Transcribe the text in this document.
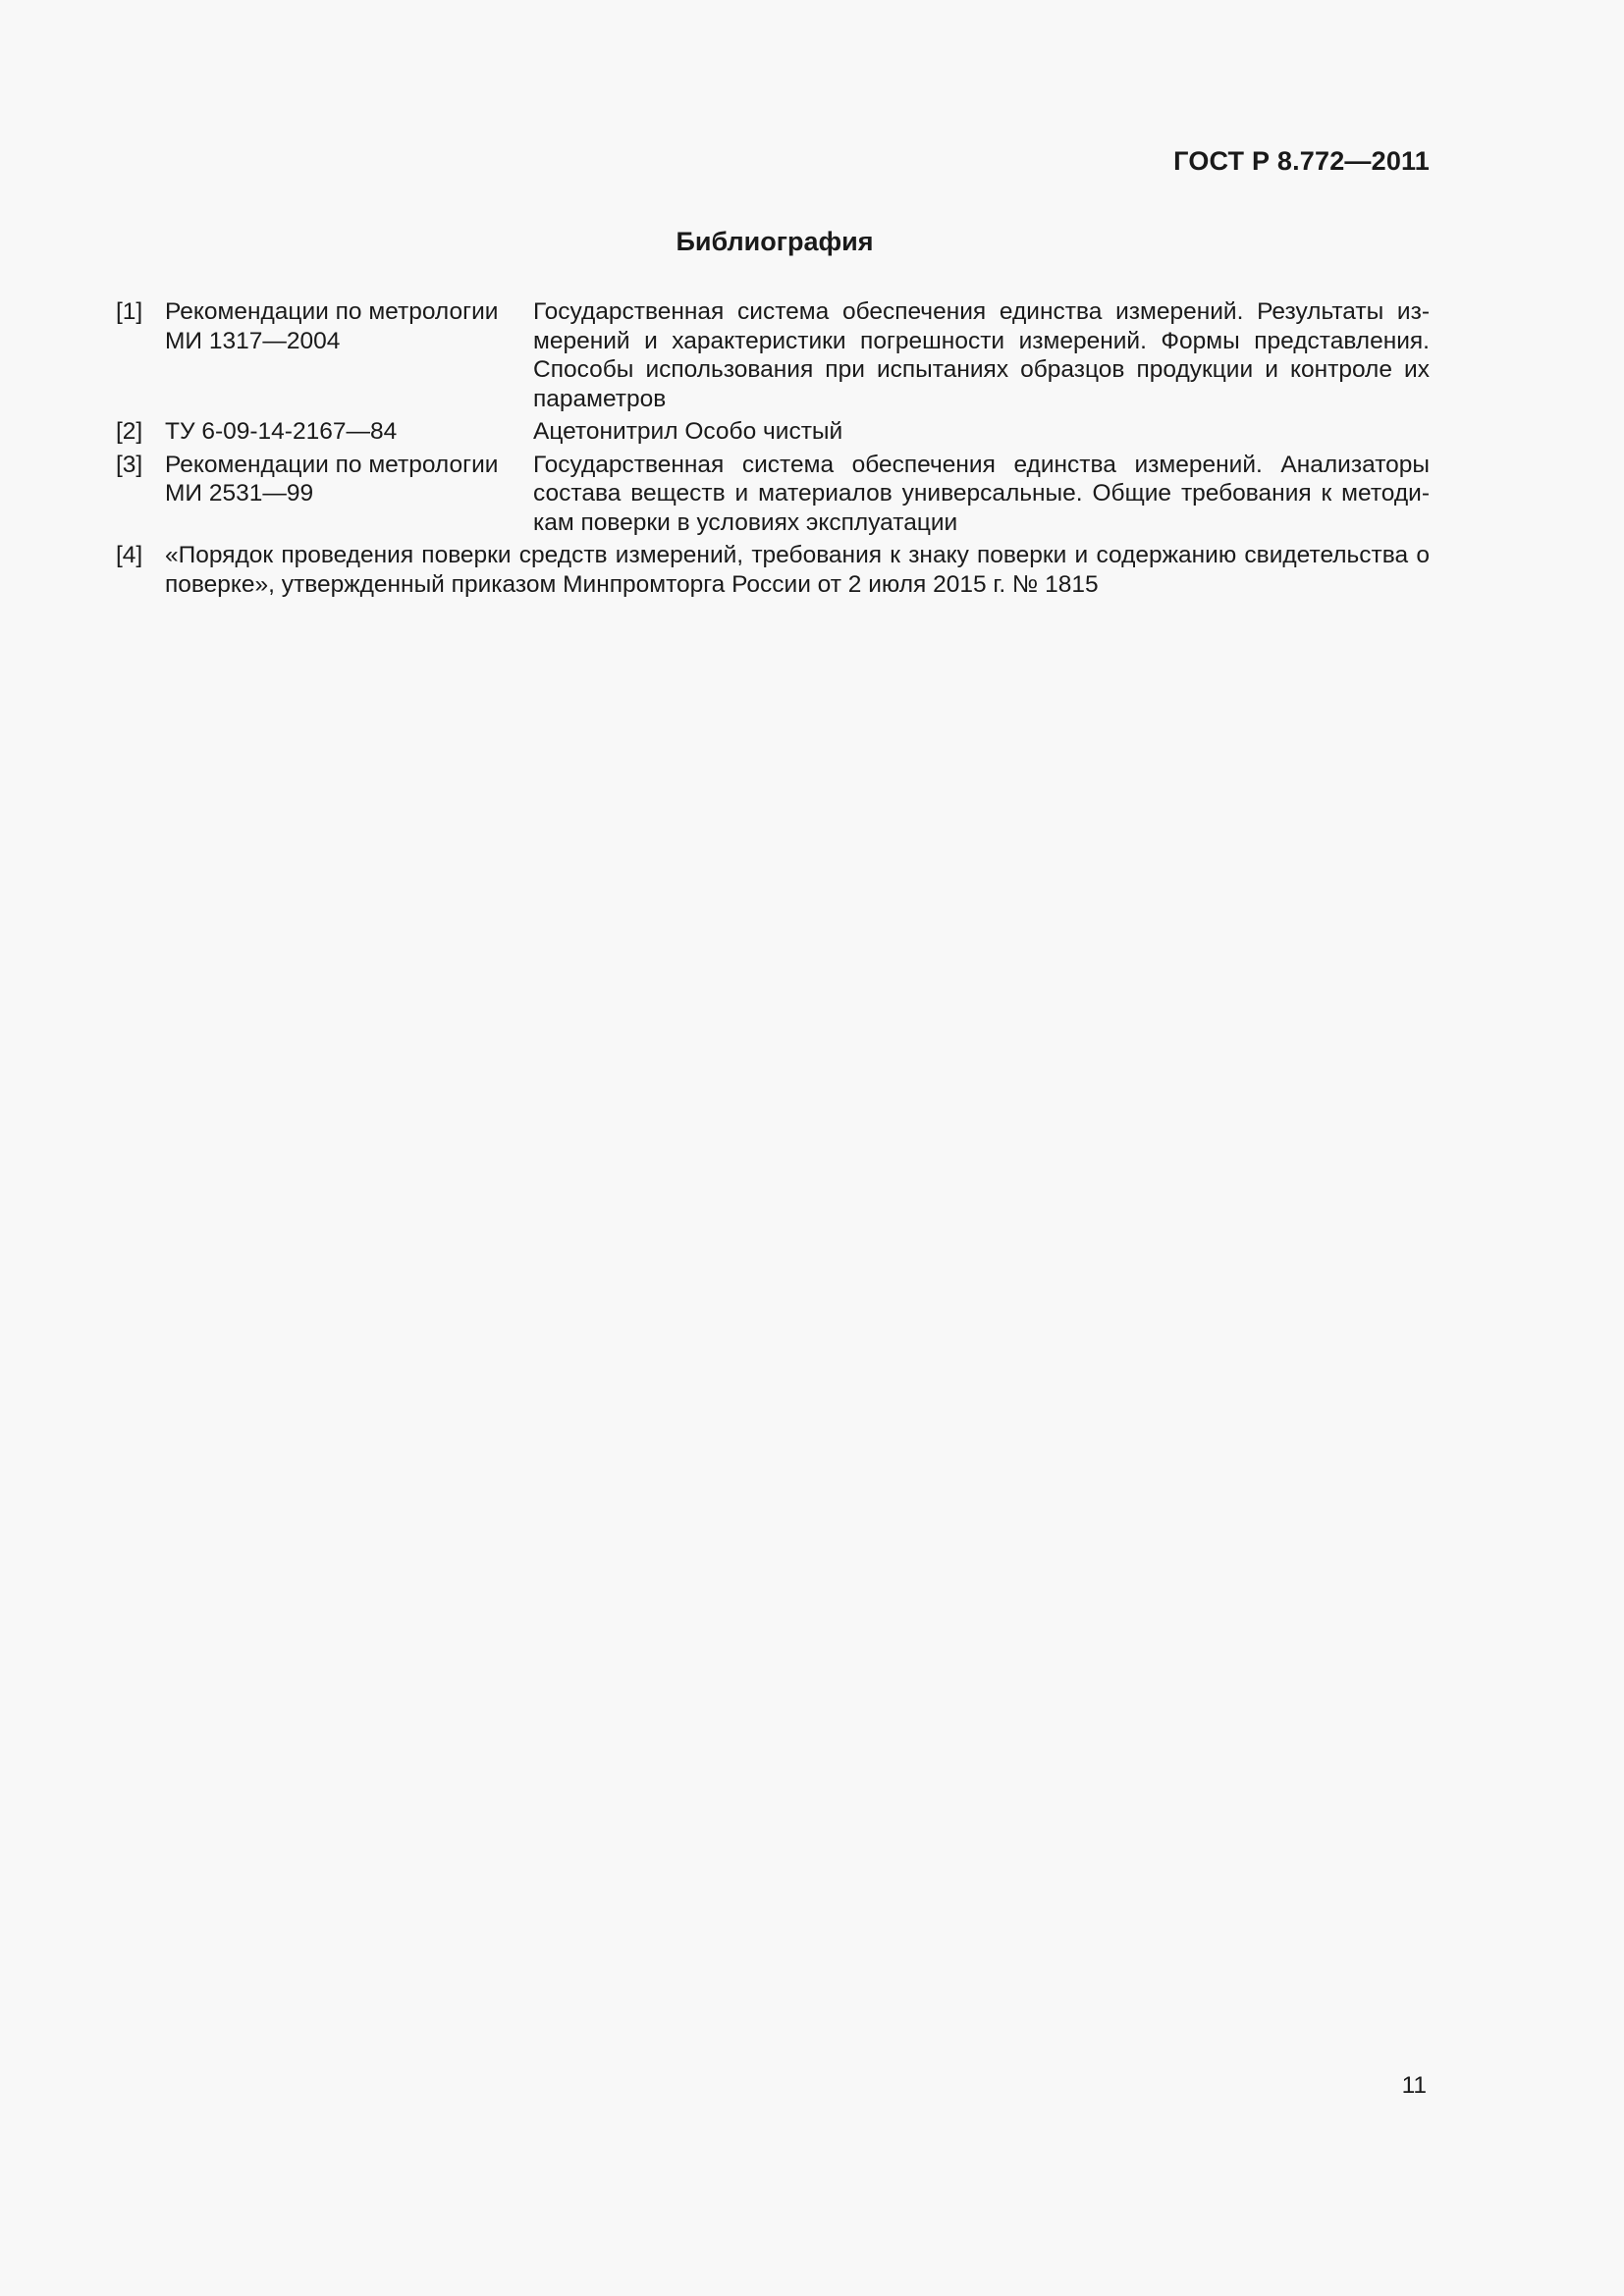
ГОСТ Р 8.772—2011
Библиография
[1] Рекомендации по метрологии
МИ 1317—2004
Государственная система обеспечения единства измерений. Результаты из-мерений и характеристики погрешности измерений. Формы представления. Способы использования при испытаниях образцов продукции и контроле их параметров
[2] ТУ 6-09-14-2167—84	Ацетонитрил Особо чистый
[3] Рекомендации по метрологии
МИ 2531—99
Государственная система обеспечения единства измерений. Анализаторы состава веществ и материалов универсальные. Общие требования к методи-кам поверки в условиях эксплуатации
[4] «Порядок проведения поверки средств измерений, требования к знаку поверки и содержанию свидетельства о поверке», утвержденный приказом Минпромторга России от 2 июля 2015 г. № 1815
11
